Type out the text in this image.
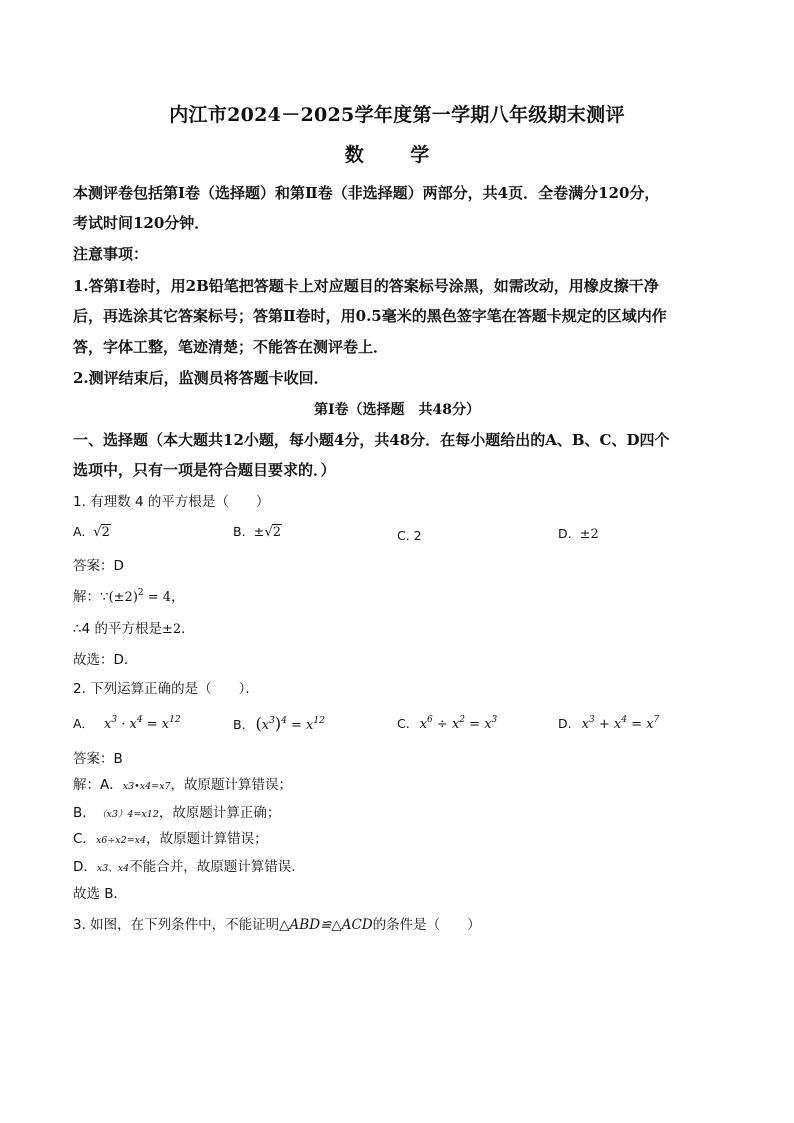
内江市2024－2025学年度第一学期八年级期末测评
数 学
本测评卷包括第Ⅰ卷（选择题）和第Ⅱ卷（非选择题）两部分，共4页．全卷满分120分，
考试时间120分钟．
注意事项：
1.答第Ⅰ卷时，用2B铅笔把答题卡上对应题目的答案标号涂黑，如需改动，用橡皮擦干净
后，再选涂其它答案标号；答第Ⅱ卷时，用0.5毫米的黑色签字笔在答题卡规定的区域内作
答，字体工整，笔迹清楚；不能答在测评卷上．
2.测评结束后，监测员将答题卡收回．
第Ⅰ卷（选择题　共48分）
一、选择题（本大题共12小题，每小题4分，共48分．在每小题给出的A、B、C、D四个
选项中，只有一项是符合题目要求的．）
1. 有理数 4 的平方根是（　　）
A. √2	B. ±√2	C. 2	D. ±2
答案：D
解：$\because(\pm 2)^2 = 4$，
∴4 的平方根是±2．
故选：D．
2. 下列运算正确的是（　　）．
A． $x^3 \cdot x^4 = x^{12}$	B. $(x^3)^4 = x^{12}$	C. $x^6 \div x^2 = x^3$	D. $x^3 + x^4 = x^7$
答案：B
解：A．x3•x4=x7，故原题计算错误；
B． （x3）4=x12，故原题计算正确；
C．x6÷x2=x4，故原题计算错误；
D．x3、x4不能合并，故原题计算错误.
故选 B．
3. 如图，在下列条件中，不能证明△ABD≌△ACD的条件是（　　）
